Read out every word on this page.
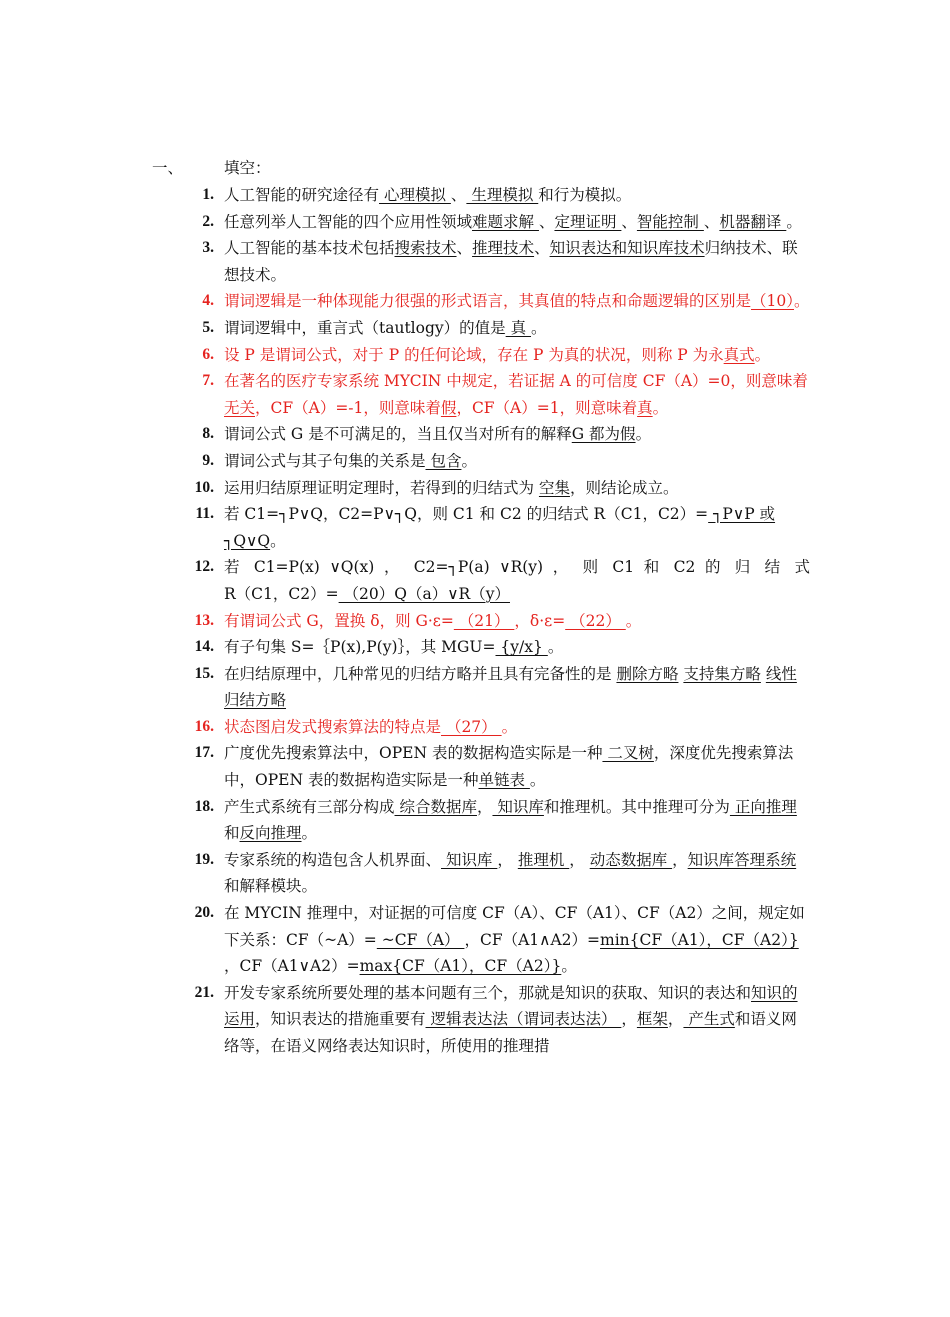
一、	填空：
1. 人工智能的研究途径有 心理模拟 、 生理模拟 和行为模拟。
2. 任意列举人工智能的四个应用性领域难题求解 、定理证明 、智能控制 、机器翻译 。
3. 人工智能的基本技术包括搜索技术、推理技术、知识表达和知识库技术归纳技术、联想技术。
4. 谓词逻辑是一种体现能力很强的形式语言，其真值的特点和命题逻辑的区别是（10）。
5. 谓词逻辑中，重言式（tautlogy）的值是 真 。
6. 设 P 是谓词公式，对于 P 的任何论域，存在 P 为真的状况，则称 P 为永真式。
7. 在著名的医疗专家系统 MYCIN 中规定，若证据 A 的可信度 CF（A）=0，则意味着 无关，CF（A）=-1，则意味着假，CF（A）=1，则意味着真。
8. 谓词公式 G 是不可满足的，当且仅当对所有的解释G 都为假。
9. 谓词公式与其子句集的关系是 包含。
10. 运用归结原理证明定理时，若得到的归结式为 空集，则结论成立。
11. 若 C1=┐P∨Q，C2=P∨┐Q，则 C1 和 C2 的归结式 R（C1，C2）= ┐P∨P 或┐Q∨Q。
12. 若 C1=P(x) ∨Q(x) ， C2=┐P(a) ∨R(y) ， 则 C1 和 C2 的 归 结 式
R（C1，C2）= （20）Q（a）∨R（y）
13. 有谓词公式 G，置换 δ，则 G·ε= （21） ，δ·ε= （22） 。
14. 有子句集 S=｛P(x),P(y)｝，其 MGU= {y/x} 。
15. 在归结原理中，几种常见的归结方略并且具有完备性的是 删除方略 支持集方略 线性归结方略
16. 状态图启发式搜索算法的特点是 （27） 。
17. 广度优先搜索算法中，OPEN 表的数据构造实际是一种 二叉树，深度优先搜索算法中，OPEN 表的数据构造实际是一种单链表 。
18. 产生式系统有三部分构成 综合数据库， 知识库和推理机。其中推理可分为 正向推理和反向推理。
19. 专家系统的构造包含人机界面、 知识库 ， 推理机 ， 动态数据库 ，知识库答理系统 和解释模块。
20. 在 MYCIN 推理中，对证据的可信度 CF（A）、CF（A1）、CF（A2）之间，规定如下关系：CF（~A）= ~CF（A） ，CF（A1∧A2）=min{CF（A1），CF（A2）} ，CF（A1∨A2）=max{CF（A1），CF（A2）}。
21. 开发专家系统所要处理的基本问题有三个，那就是知识的获取、知识的表达和知识的运用，知识表达的措施重要有 逻辑表达法（谓词表达法） ，框架， 产生式和语义网络等，在语义网络表达知识时，所使用的推理措
